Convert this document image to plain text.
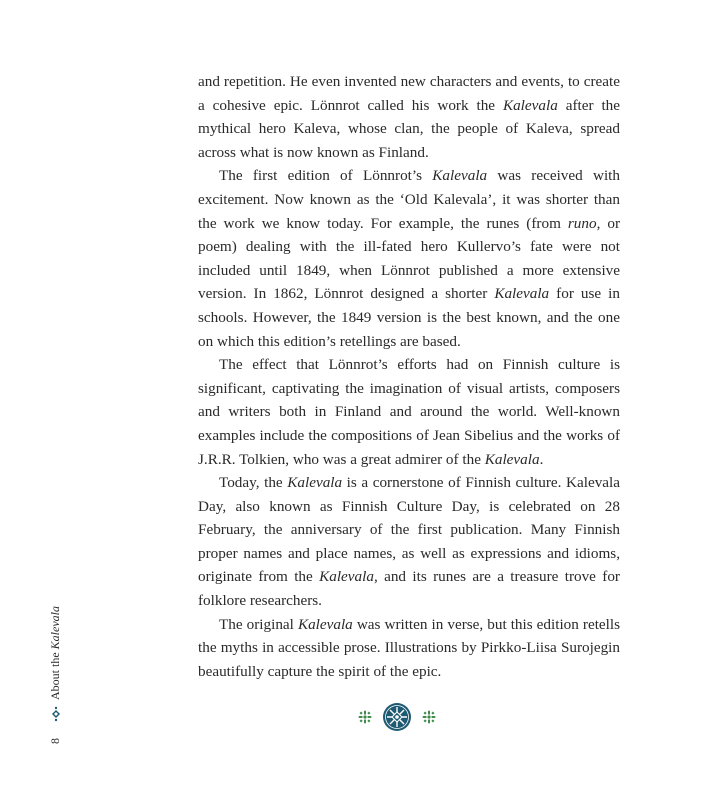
and repetition. He even invented new characters and events, to create a cohesive epic. Lönnrot called his work the Kalevala after the mythical hero Kaleva, whose clan, the people of Kaleva, spread across what is now known as Finland.

The first edition of Lönnrot’s Kalevala was received with excitement. Now known as the ‘Old Kalevala’, it was shorter than the work we know today. For example, the runes (from runo, or poem) dealing with the ill-fated hero Kullervo’s fate were not included until 1849, when Lönnrot published a more extensive version. In 1862, Lönnrot designed a shorter Kalevala for use in schools. However, the 1849 version is the best known, and the one on which this edition’s retellings are based.

The effect that Lönnrot’s efforts had on Finnish culture is significant, captivating the imagination of visual artists, composers and writers both in Finland and around the world. Well-known examples include the compositions of Jean Sibelius and the works of J.R.R. Tolkien, who was a great admirer of the Kalevala.

Today, the Kalevala is a cornerstone of Finnish culture. Kalevala Day, also known as Finnish Culture Day, is celebrated on 28 February, the anniversary of the first publication. Many Finnish proper names and place names, as well as expressions and idioms, originate from the Kalevala, and its runes are a treasure trove for folklore researchers.

The original Kalevala was written in verse, but this edition retells the myths in accessible prose. Illustrations by Pirkko-Liisa Surojegin beautifully capture the spirit of the epic.

8
About the Kalevala
